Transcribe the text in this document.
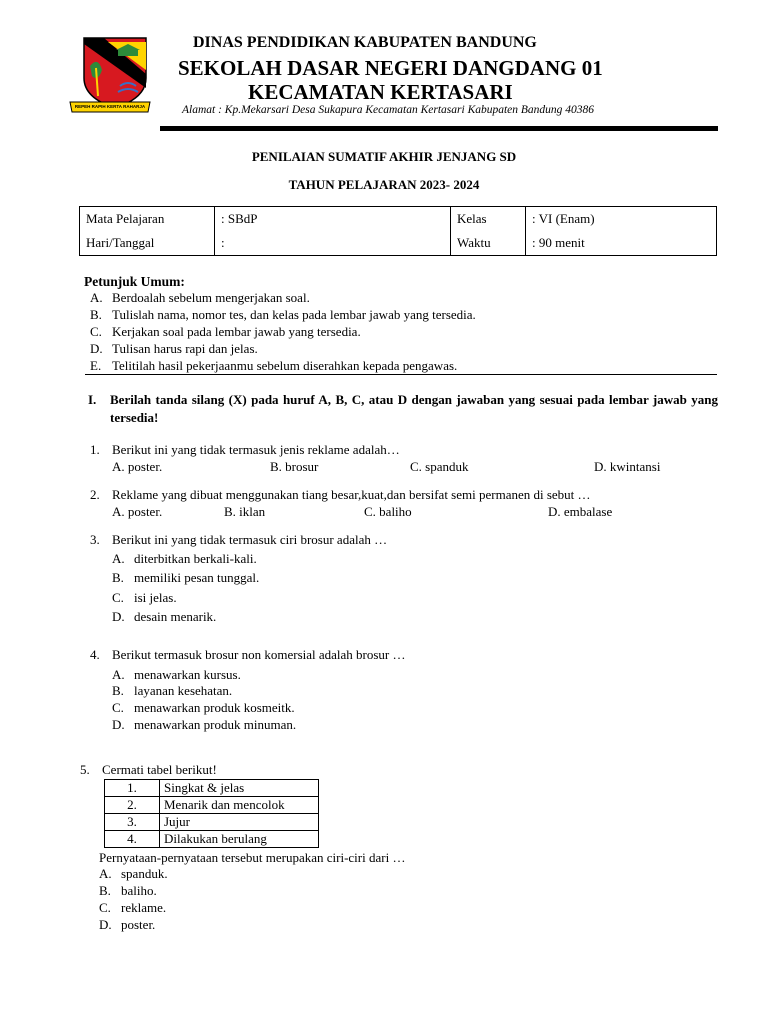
REPEH RAPIH KERTA RAHARJA
DINAS PENDIDIKAN KABUPATEN BANDUNG
SEKOLAH DASAR NEGERI DANGDANG 01
KECAMATAN KERTASARI
Alamat : Kp.Mekarsari Desa Sukapura Kecamatan Kertasari Kabupaten Bandung 40386
PENILAIAN SUMATIF AKHIR JENJANG SD
TAHUN PELAJARAN 2023- 2024
Mata Pelajaran	: SBdP	Kelas	: VI (Enam)
Hari/Tanggal	:	Waktu	: 90 menit
Petunjuk Umum:
A. Berdoalah sebelum mengerjakan soal.
B. Tulislah nama, nomor tes, dan kelas pada lembar jawab yang tersedia.
C. Kerjakan soal pada lembar jawab yang tersedia.
D. Tulisan harus rapi dan jelas.
E. Telitilah hasil pekerjaanmu sebelum diserahkan kepada pengawas.
I. Berilah tanda silang (X) pada huruf A, B, C, atau D dengan jawaban yang sesuai pada lembar jawab yang tersedia!
1. Berikut ini yang tidak termasuk jenis reklame adalah…
A. poster.	B. brosur	C. spanduk	D. kwintansi
2. Reklame yang dibuat menggunakan tiang besar,kuat,dan bersifat semi permanen di sebut …
A. poster.	B. iklan	C. baliho	D. embalase
3. Berikut ini yang tidak termasuk ciri brosur adalah …
A. diterbitkan berkali-kali.
B. memiliki pesan tunggal.
C. isi jelas.
D. desain menarik.
4. Berikut termasuk brosur non komersial adalah brosur …
A. menawarkan kursus.
B. layanan kesehatan.
C. menawarkan produk kosmeitk.
D. menawarkan produk minuman.
5. Cermati tabel berikut!
1.	Singkat & jelas
2.	Menarik dan mencolok
3.	Jujur
4.	Dilakukan berulang
Pernyataan-pernyataan tersebut merupakan ciri-ciri dari …
A. spanduk.
B. baliho.
C. reklame.
D. poster.
